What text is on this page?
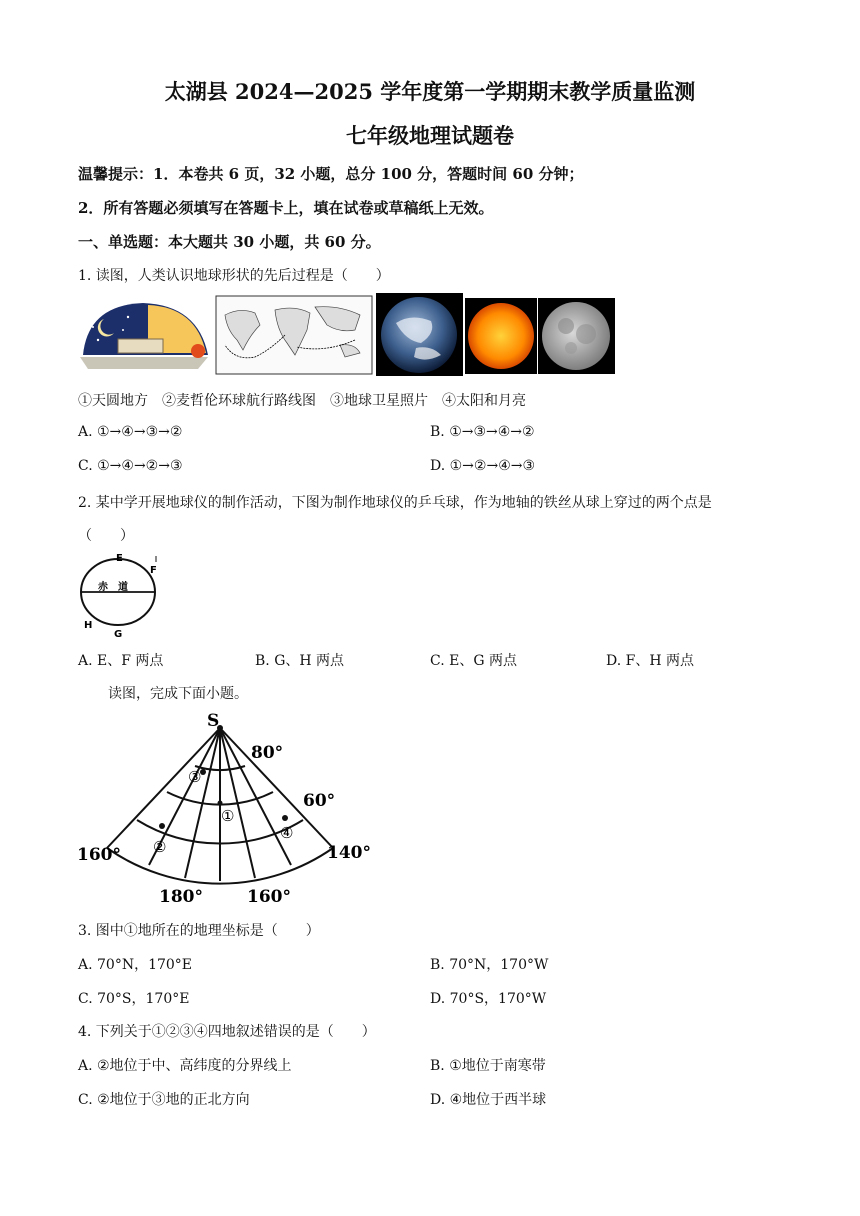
太湖县 2024—2025 学年度第一学期期末教学质量监测
七年级地理试题卷
温馨提示：1．本卷共 6 页，32 小题，总分 100 分，答题时间 60 分钟；
2．所有答题必须填写在答题卡上，填在试卷或草稿纸上无效。
一、单选题：本大题共 30 小题，共 60 分。
1. 读图，人类认识地球形状的先后过程是（　　）
①天圆地方　②麦哲伦环球航行路线图　③地球卫星照片　④太阳和月亮
A. ①→④→③→②	B. ①→③→④→②
C. ①→④→②→③	D. ①→②→④→③
2. 某中学开展地球仪的制作活动，下图为制作地球仪的乒乓球，作为地轴的铁丝从球上穿过的两个点是
（　　）
E
F
赤　道
H
G
A. E、F 两点	B. G、H 两点	C. E、G 两点	D. F、H 两点
读图，完成下面小题。
S
80°
60°
160°
180°	160°
140°
①
②
③
④
3. 图中①地所在的地理坐标是（　　）
A. 70°N，170°E	B. 70°N，170°W
C. 70°S，170°E	D. 70°S，170°W
4. 下列关于①②③④四地叙述错误的是（　　）
A. ②地位于中、高纬度的分界线上	B. ①地位于南寒带
C. ②地位于③地的正北方向	D. ④地位于西半球
